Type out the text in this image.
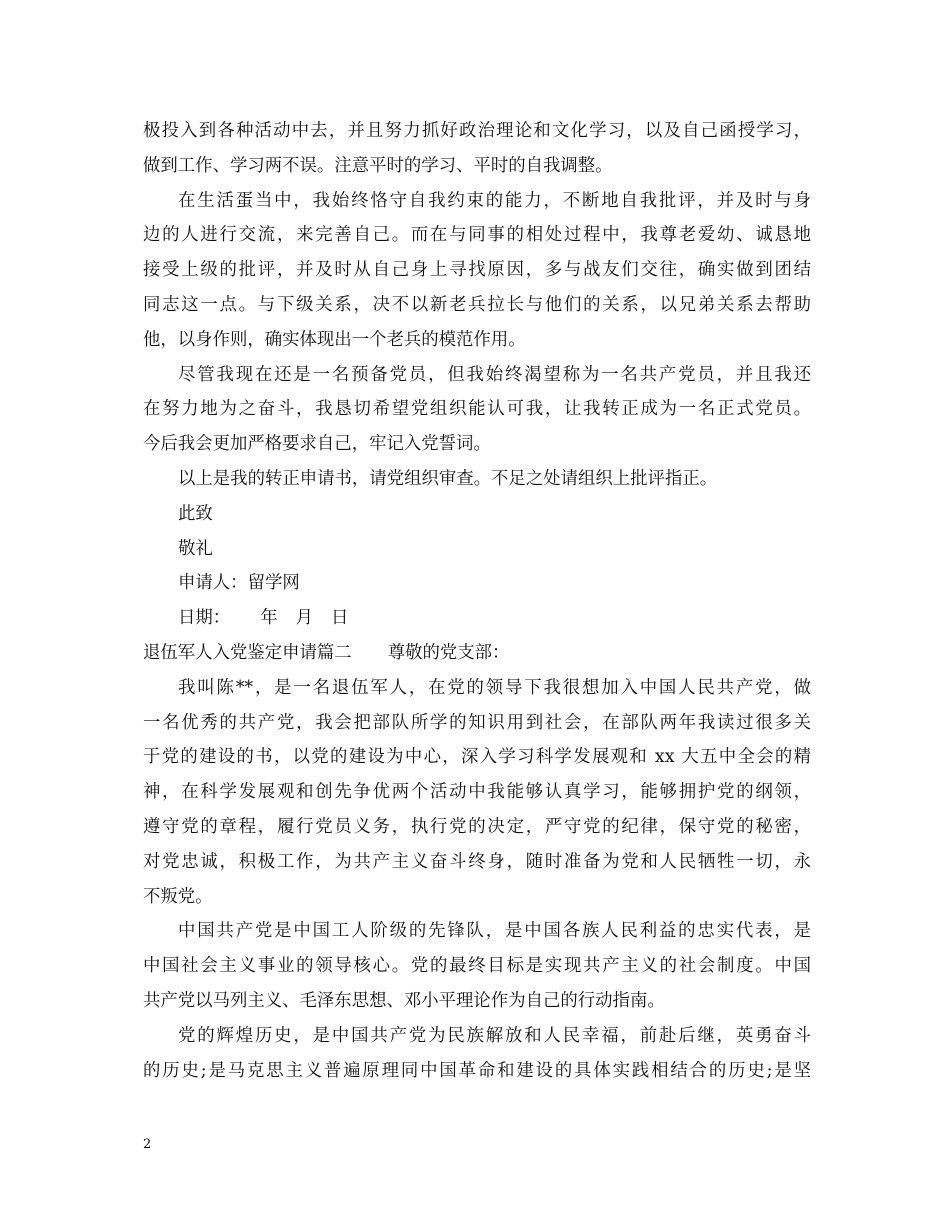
极投入到各种活动中去，并且努力抓好政治理论和文化学习，以及自己函授学习，
做到工作、学习两不误。注意平时的学习、平时的自我调整。
在生活蛋当中，我始终恪守自我约束的能力，不断地自我批评，并及时与身
边的人进行交流，来完善自己。而在与同事的相处过程中，我尊老爱幼、诚恳地
接受上级的批评，并及时从自己身上寻找原因，多与战友们交往，确实做到团结
同志这一点。与下级关系，决不以新老兵拉长与他们的关系，以兄弟关系去帮助
他，以身作则，确实体现出一个老兵的模范作用。
尽管我现在还是一名预备党员，但我始终渴望称为一名共产党员，并且我还
在努力地为之奋斗，我恳切希望党组织能认可我，让我转正成为一名正式党员。
今后我会更加严格要求自己，牢记入党誓词。
以上是我的转正申请书，请党组织审查。不足之处请组织上批评指正。
此致
敬礼
申请人：留学网
日期： 年 月 日
退伍军人入党鉴定申请篇二 尊敬的党支部：
我叫陈**，是一名退伍军人，在党的领导下我很想加入中国人民共产党，做
一名优秀的共产党，我会把部队所学的知识用到社会，在部队两年我读过很多关
于党的建设的书，以党的建设为中心，深入学习科学发展观和 xx 大五中全会的精
神，在科学发展观和创先争优两个活动中我能够认真学习，能够拥护党的纲领，
遵守党的章程，履行党员义务，执行党的决定，严守党的纪律，保守党的秘密，
对党忠诚，积极工作，为共产主义奋斗终身，随时准备为党和人民牺牲一切，永
不叛党。
中国共产党是中国工人阶级的先锋队，是中国各族人民利益的忠实代表，是
中国社会主义事业的领导核心。党的最终目标是实现共产主义的社会制度。中国
共产党以马列主义、毛泽东思想、邓小平理论作为自己的行动指南。
党的辉煌历史，是中国共产党为民族解放和人民幸福，前赴后继，英勇奋斗
的历史;是马克思主义普遍原理同中国革命和建设的具体实践相结合的历史;是坚
2
